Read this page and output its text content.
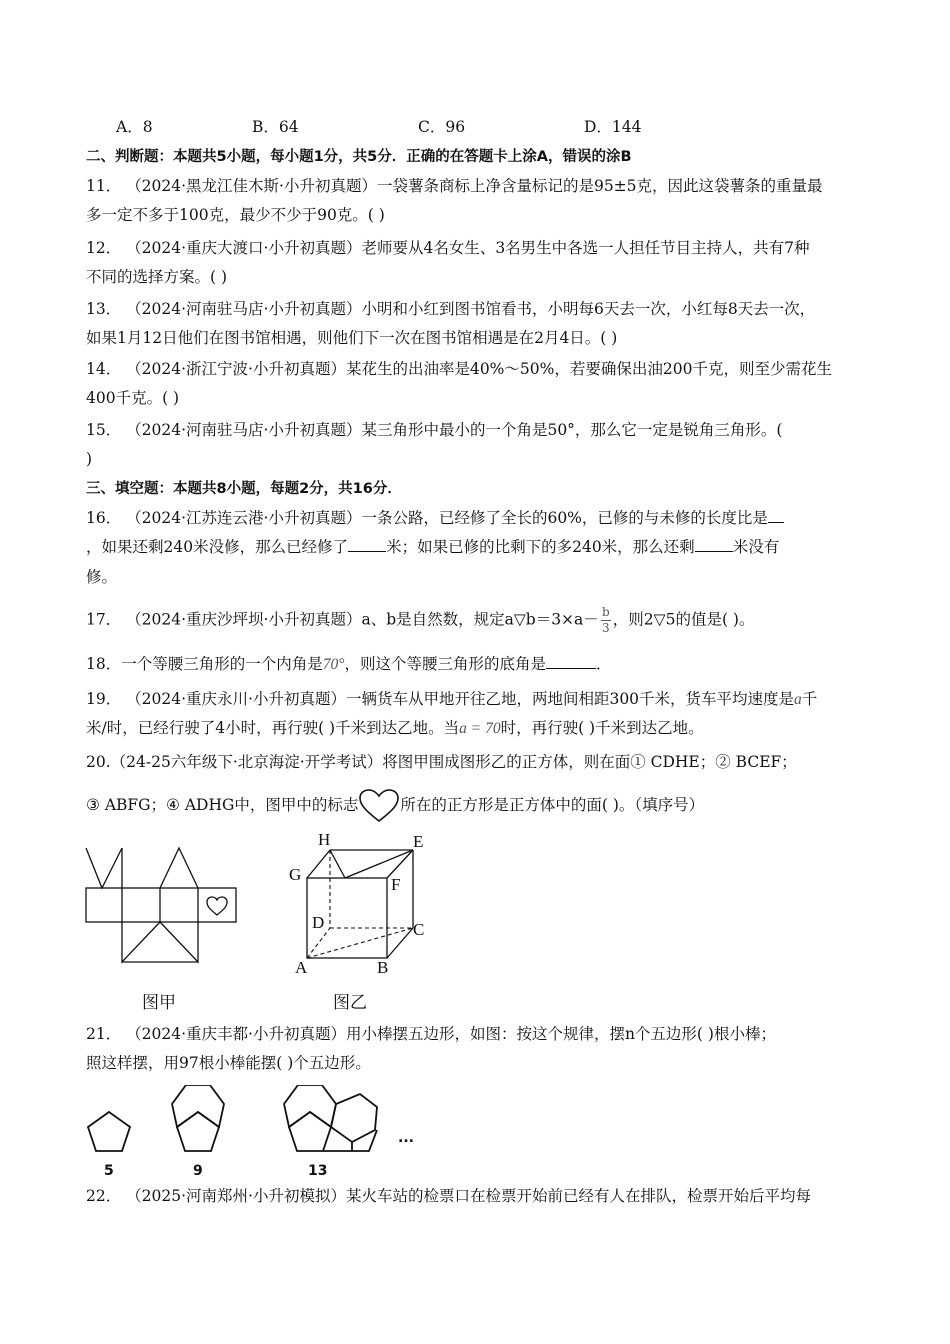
A．8	B．64	C．96	D．144
二、判断题：本题共5小题，每小题1分，共5分．正确的在答题卡上涂A，错误的涂B
11． （2024·黑龙江佳木斯·小升初真题）一袋薯条商标上净含量标记的是95±5克，因此这袋薯条的重量最
多一定不多于100克，最少不少于90克。( )
12． （2024·重庆大渡口·小升初真题）老师要从4名女生、3名男生中各选一人担任节目主持人，共有7种
不同的选择方案。( )
13． （2024·河南驻马店·小升初真题）小明和小红到图书馆看书，小明每6天去一次，小红每8天去一次，
如果1月12日他们在图书馆相遇，则他们下一次在图书馆相遇是在2月4日。( )
14． （2024·浙江宁波·小升初真题）某花生的出油率是40%～50%，若要确保出油200千克，则至少需花生
400千克。( )
15． （2024·河南驻马店·小升初真题）某三角形中最小的一个角是50°，那么它一定是锐角三角形。(
)
三、填空题：本题共8小题，每题2分，共16分．
16． （2024·江苏连云港·小升初真题）一条公路，已经修了全长的60%，已修的与未修的长度比是
，如果还剩240米没修，那么已经修了 米；如果已修的比剩下的多240米，那么还剩 米没有
修。
17． （2024·重庆沙坪坝·小升初真题）a、b是自然数，规定a▽b＝3×a－ $\frac{b}{3}$ ，则2▽5的值是( )。
18．一个等腰三角形的一个内角是70°，则这个等腰三角形的底角是	．
19． （2024·重庆永川·小升初真题）一辆货车从甲地开往乙地，两地间相距300千米，货车平均速度是a千
米/时，已经行驶了4小时，再行驶( )千米到达乙地。当a = 70时，再行驶( )千米到达乙地。
20.（24-25六年级下·北京海淀·开学考试）将图甲围成图形乙的正方体，则在面① CDHE；② BCEF；
③ ABFG；④ ADHG中，图甲中的标志	所在的正方形是正方体中的面( )。（填序号）
H	E
G
F
D	C
A	B
图甲	图乙
21． （2024·重庆丰都·小升初真题）用小棒摆五边形，如图：按这个规律，摆n个五边形( )根小棒；
照这样摆，用97根小棒能摆( )个五边形。
5	9	13
...
22． （2025·河南郑州·小升初模拟）某火车站的检票口在检票开始前已经有人在排队，检票开始后平均每
